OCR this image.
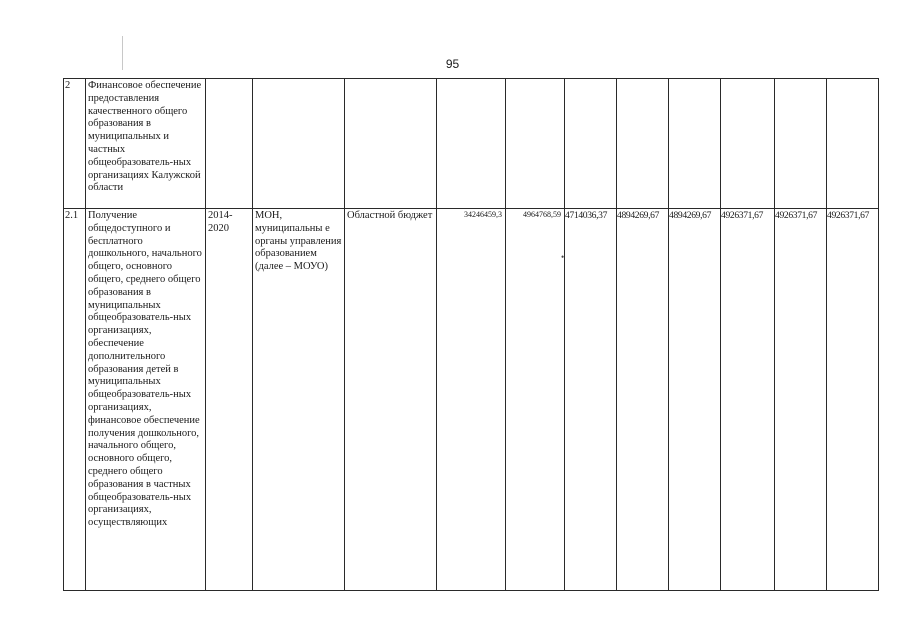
95
2	Финансовое обеспечение предоставления качественного общего образования в муниципальных и частных общеобразователь-ных организациях Калужской области											
2.1	Получение общедоступного и бесплатного дошкольного, начального общего, основного общего, среднего общего образования в муниципальных общеобразователь-ных организациях, обеспечение дополнительного образования детей в муниципальных общеобразователь-ных организациях, финансовое обеспечение получения дошкольного, начального общего, основного общего, среднего общего образования в частных общеобразователь-ных организациях, осуществляющих	2014-2020	МОН, муниципальны е органы управления образованием (далее – МОУО)	Областной бюджет	34246459,3	4964768,59	4714036,37	4894269,67	4894269,67	4926371,67	4926371,67	4926371,67
•
